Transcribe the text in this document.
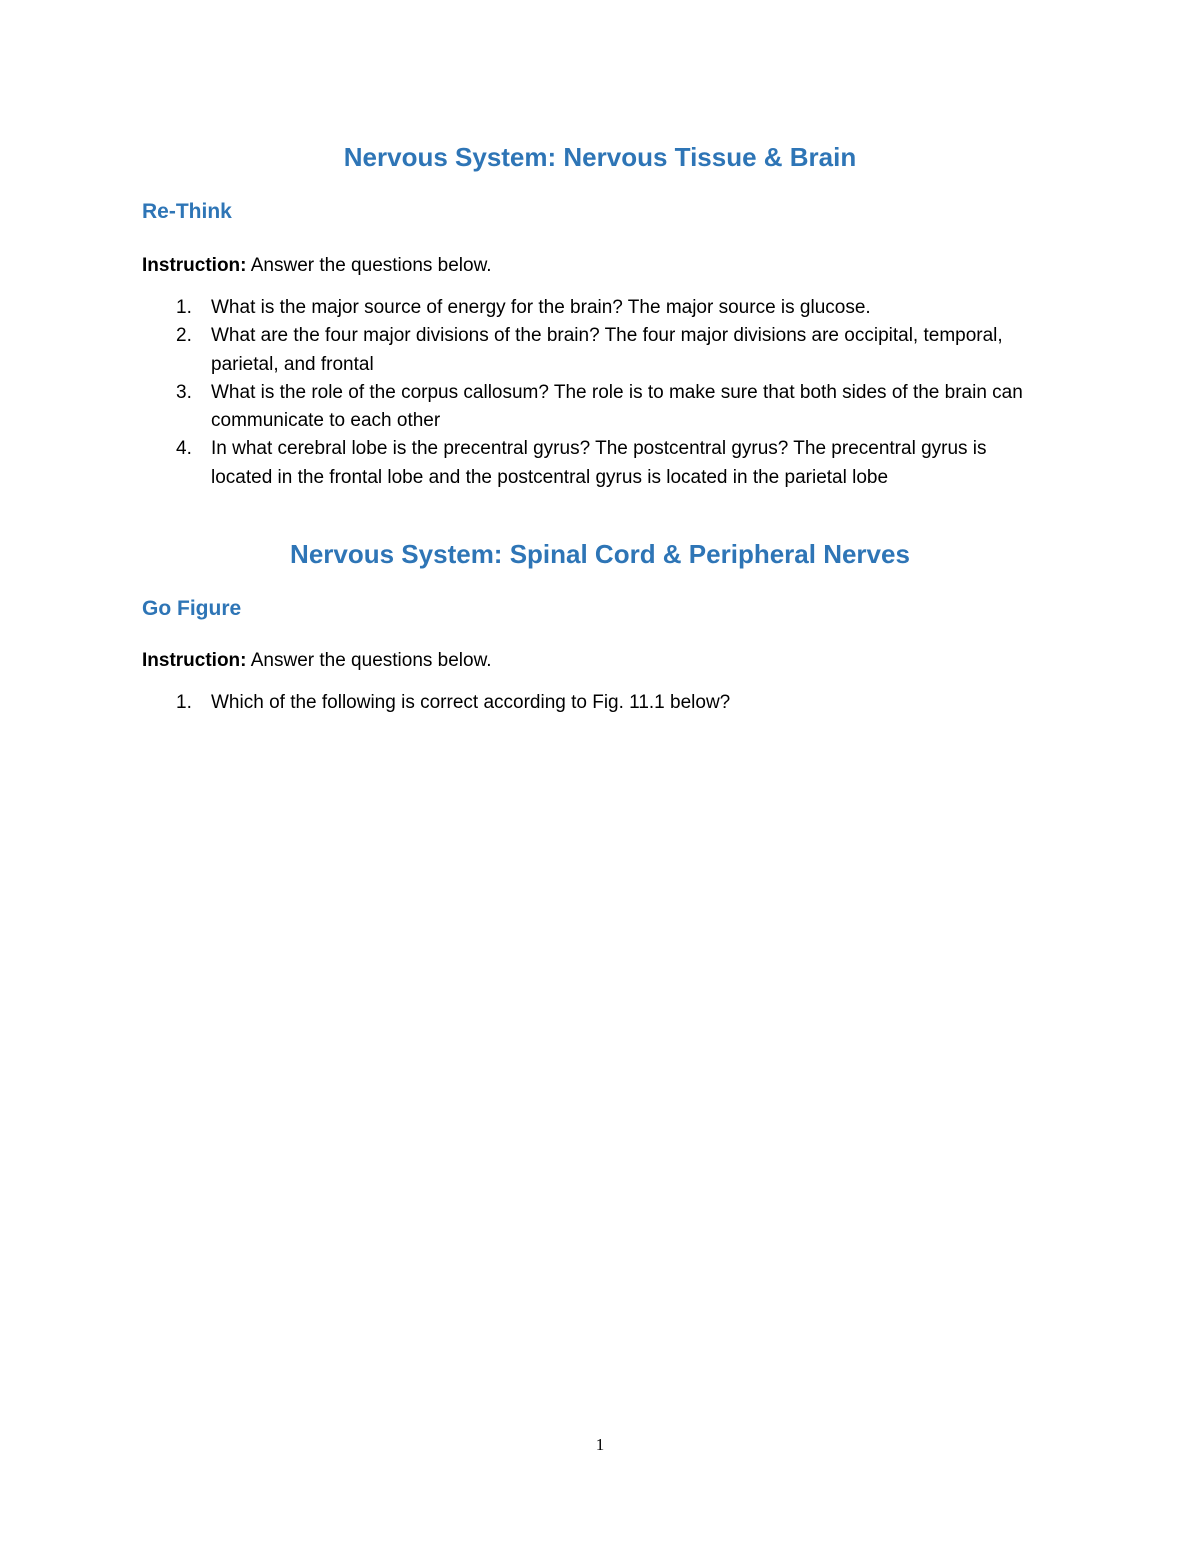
Nervous System: Nervous Tissue & Brain
Re-Think

Instruction: Answer the questions below.

1. What is the major source of energy for the brain? The major source is glucose.
2. What are the four major divisions of the brain? The four major divisions are occipital, temporal, parietal, and frontal
3. What is the role of the corpus callosum? The role is to make sure that both sides of the brain can communicate to each other
4. In what cerebral lobe is the precentral gyrus? The postcentral gyrus? The precentral gyrus is located in the frontal lobe and the postcentral gyrus is located in the parietal lobe
Nervous System: Spinal Cord & Peripheral Nerves
Go Figure

Instruction: Answer the questions below.

1. Which of the following is correct according to Fig. 11.1 below?
1
